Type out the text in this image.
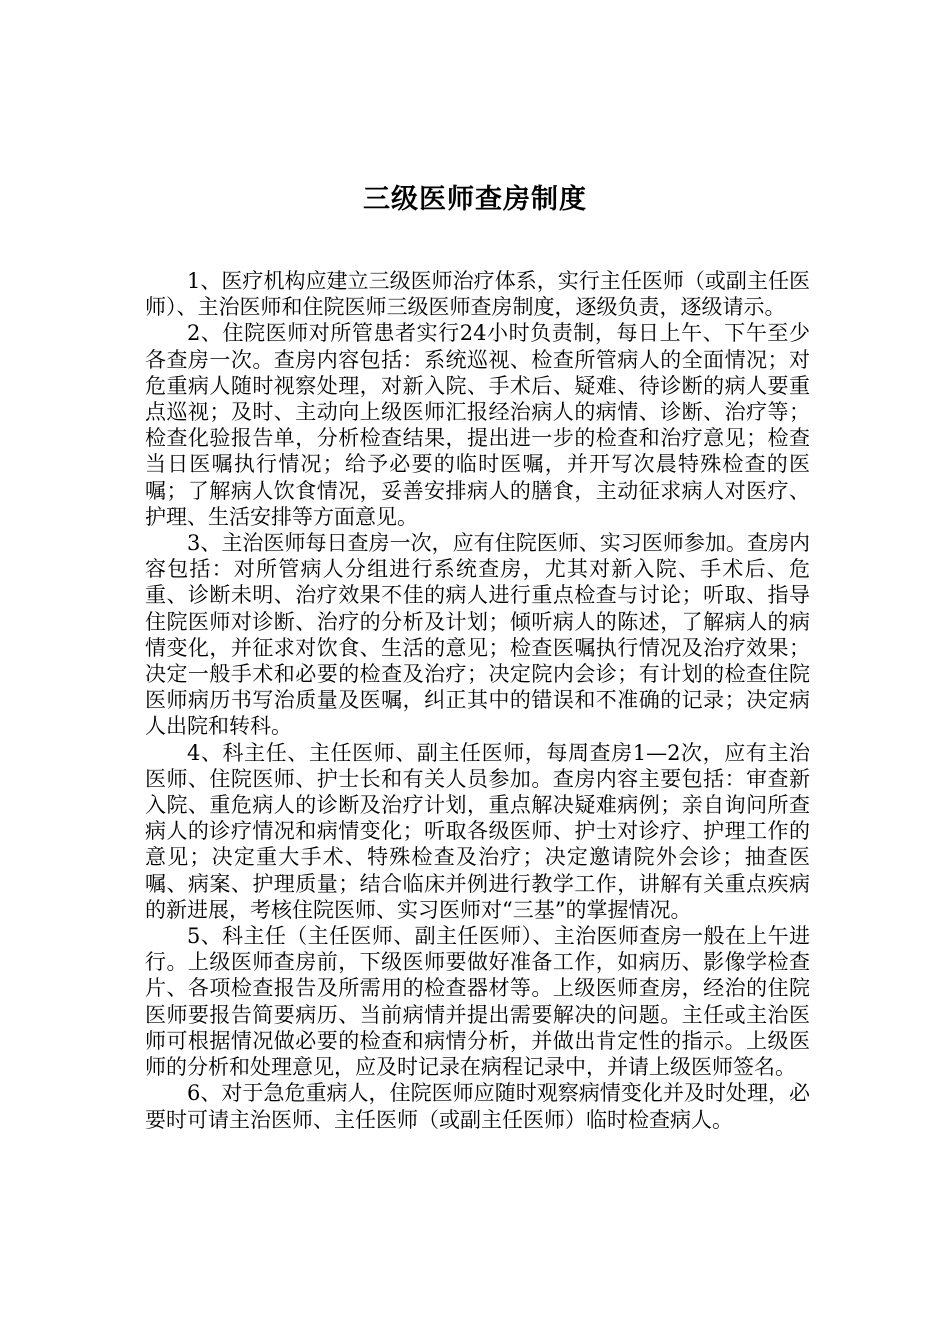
三级医师查房制度

1、医疗机构应建立三级医师治疗体系，实行主任医师（或副主任医师）、主治医师和住院医师三级医师查房制度，逐级负责，逐级请示。

2、住院医师对所管患者实行24小时负责制，每日上午、下午至少各查房一次。查房内容包括：系统巡视、检查所管病人的全面情况；对危重病人随时视察处理，对新入院、手术后、疑难、待诊断的病人要重点巡视；及时、主动向上级医师汇报经治病人的病情、诊断、治疗等；检查化验报告单，分析检查结果，提出进一步的检查和治疗意见；检查当日医嘱执行情况；给予必要的临时医嘱，并开写次晨特殊检查的医嘱；了解病人饮食情况，妥善安排病人的膳食，主动征求病人对医疗、护理、生活安排等方面意见。

3、主治医师每日查房一次，应有住院医师、实习医师参加。查房内容包括：对所管病人分组进行系统查房，尤其对新入院、手术后、危重、诊断未明、治疗效果不佳的病人进行重点检查与讨论；听取、指导住院医师对诊断、治疗的分析及计划；倾听病人的陈述，了解病人的病情变化，并征求对饮食、生活的意见；检查医嘱执行情况及治疗效果；决定一般手术和必要的检查及治疗；决定院内会诊；有计划的检查住院医师病历书写治质量及医嘱，纠正其中的错误和不准确的记录；决定病人出院和转科。

4、科主任、主任医师、副主任医师，每周查房1—2次，应有主治医师、住院医师、护士长和有关人员参加。查房内容主要包括：审查新入院、重危病人的诊断及治疗计划，重点解决疑难病例；亲自询问所查病人的诊疗情况和病情变化；听取各级医师、护士对诊疗、护理工作的意见；决定重大手术、特殊检查及治疗；决定邀请院外会诊；抽查医嘱、病案、护理质量；结合临床并例进行教学工作，讲解有关重点疾病的新进展，考核住院医师、实习医师对“三基”的掌握情况。

5、科主任（主任医师、副主任医师）、主治医师查房一般在上午进行。上级医师查房前，下级医师要做好准备工作，如病历、影像学检查片、各项检查报告及所需用的检查器材等。上级医师查房，经治的住院医师要报告简要病历、当前病情并提出需要解决的问题。主任或主治医师可根据情况做必要的检查和病情分析，并做出肯定性的指示。上级医师的分析和处理意见，应及时记录在病程记录中，并请上级医师签名。

6、对于急危重病人，住院医师应随时观察病情变化并及时处理，必要时可请主治医师、主任医师（或副主任医师）临时检查病人。
